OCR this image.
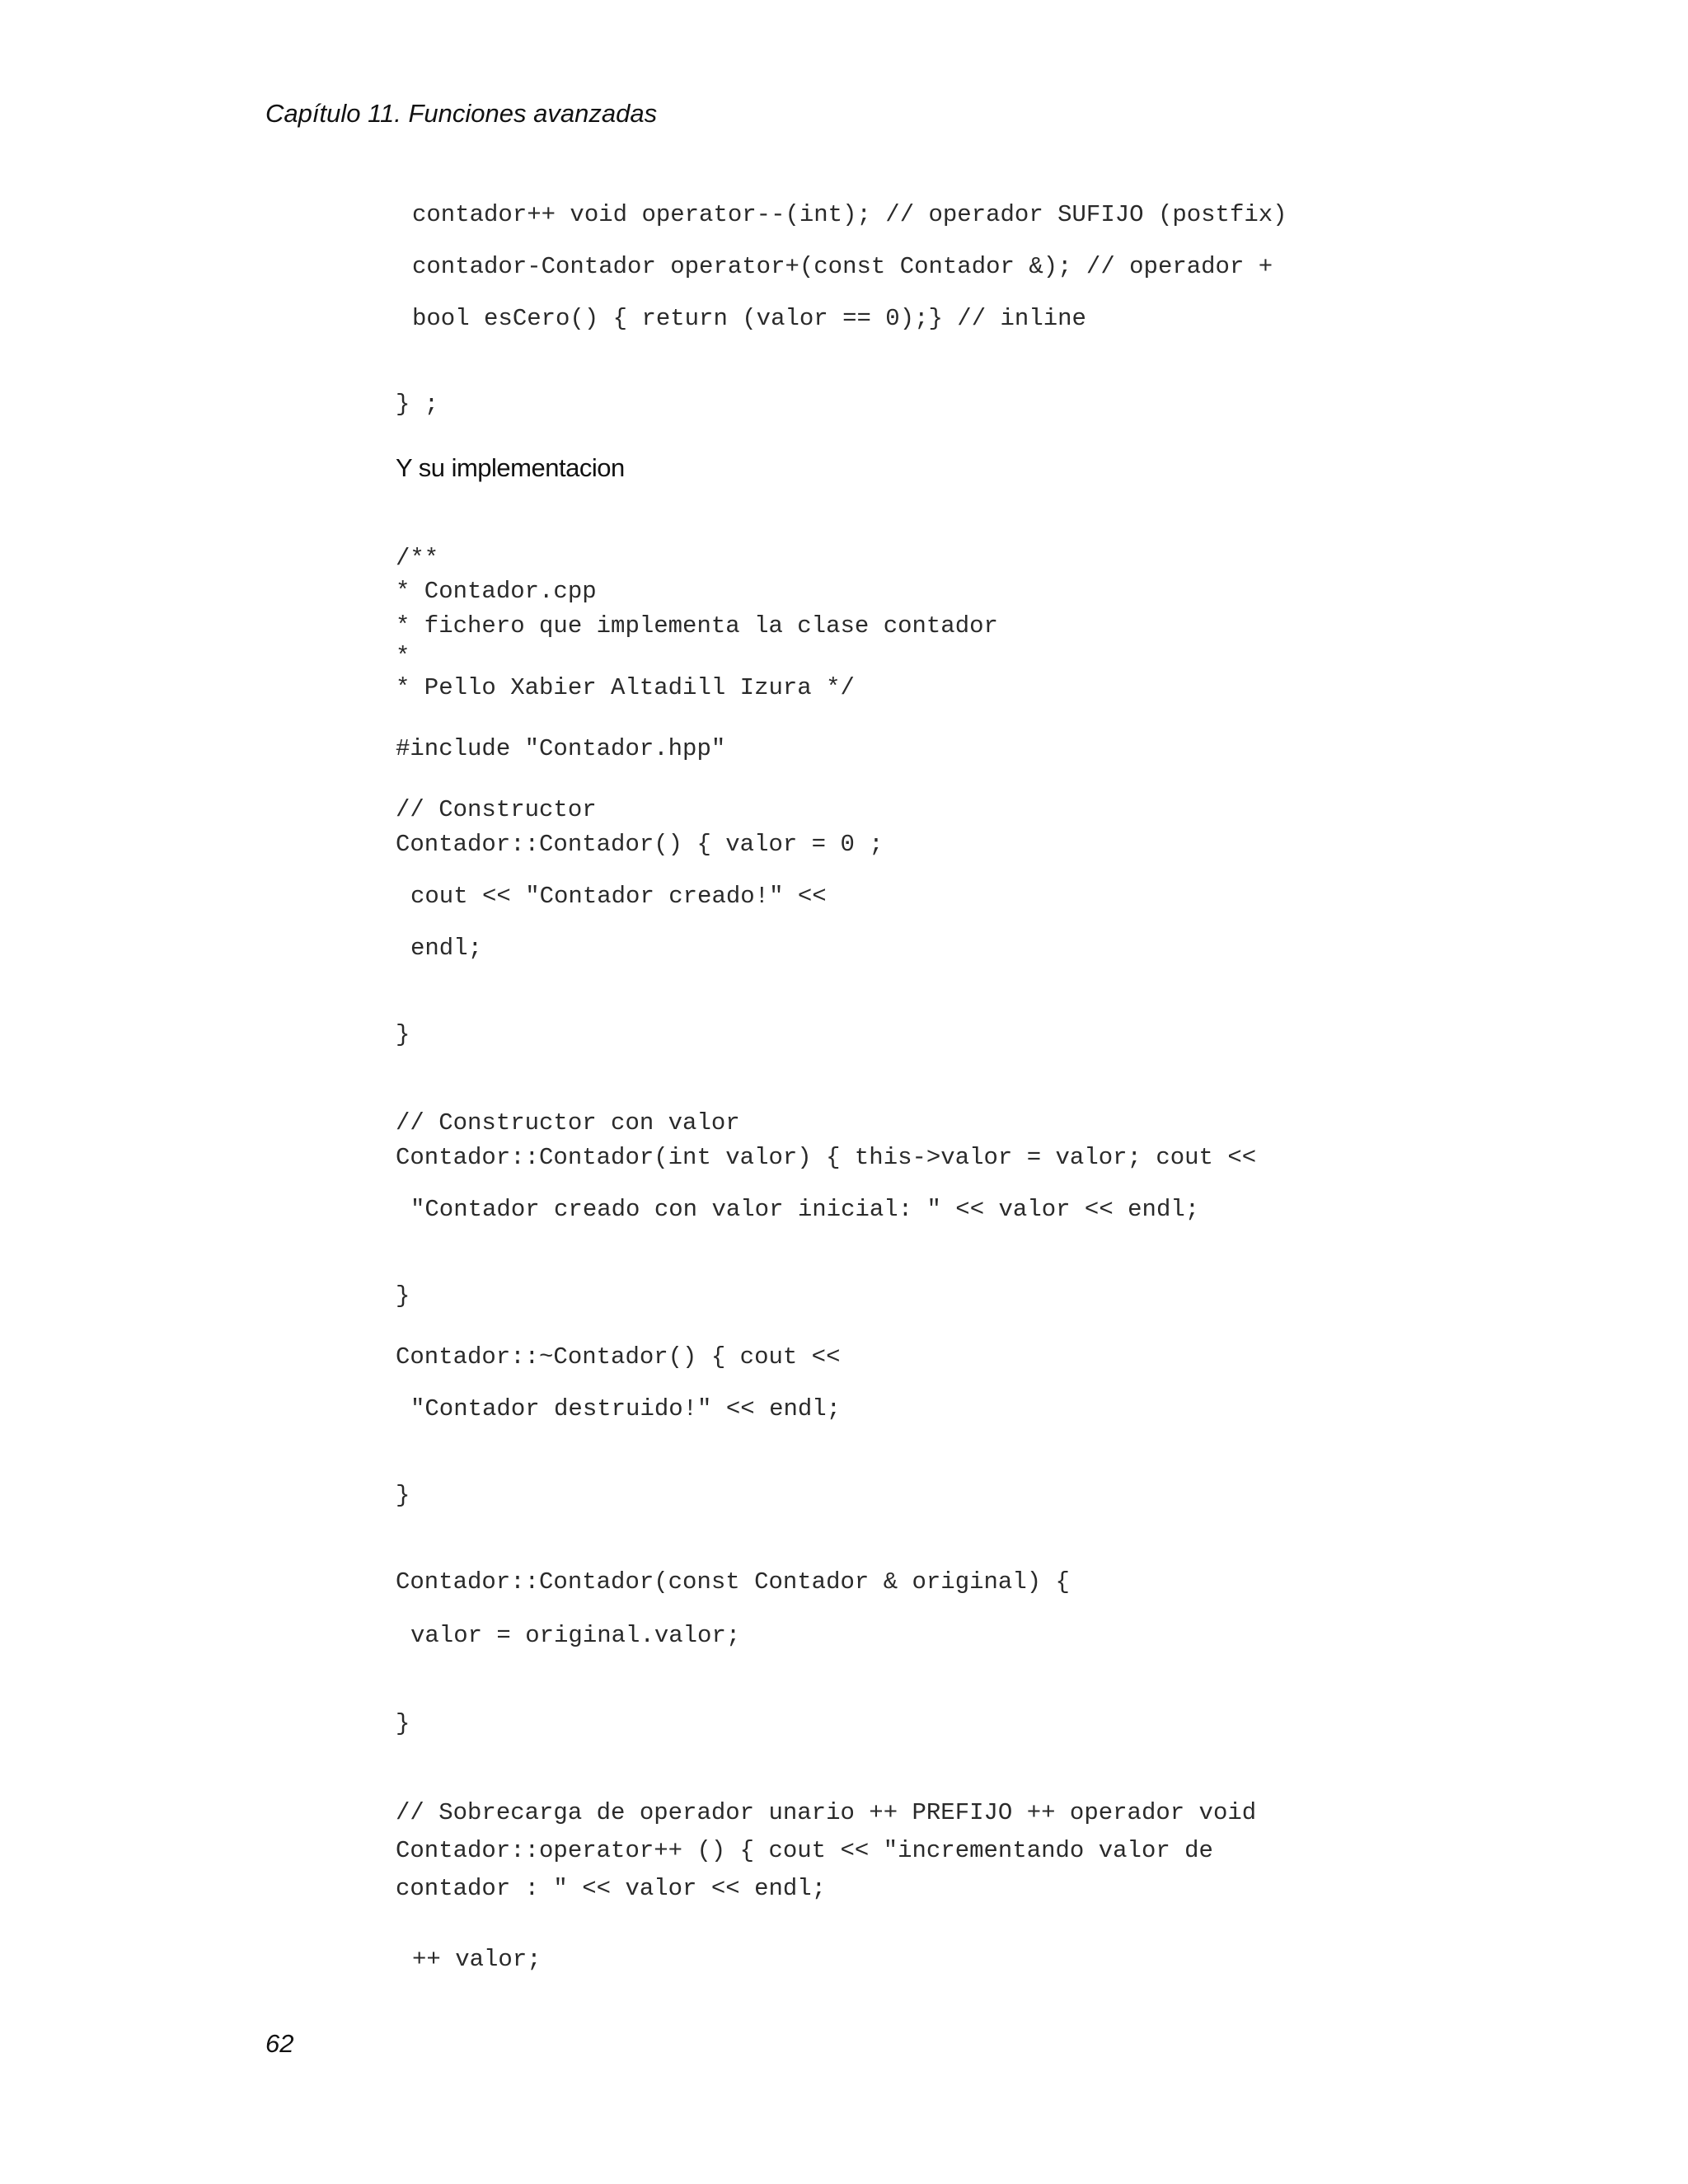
Capítulo 11. Funciones avanzadas
contador++ void operator--(int); // operador SUFIJO (postfix)
contador-Contador operator+(const Contador &); // operador +
bool esCero() { return (valor == 0);} // inline
} ;
Y su implementacion
/**
* Contador.cpp
* fichero que implementa la clase contador
*
* Pello Xabier Altadill Izura */
#include "Contador.hpp"
// Constructor
Contador::Contador() { valor = 0 ;
cout << "Contador creado!" <<
endl;
}
// Constructor con valor
Contador::Contador(int valor) { this->valor = valor; cout <<
"Contador creado con valor inicial: " << valor << endl;
}
Contador::~Contador() { cout <<
"Contador destruido!" << endl;
}
Contador::Contador(const Contador & original) {
valor = original.valor;
}
// Sobrecarga de operador unario ++ PREFIJO ++ operador void
Contador::operator++ () { cout << "incrementando valor de
contador : " << valor << endl;
++ valor;
62
